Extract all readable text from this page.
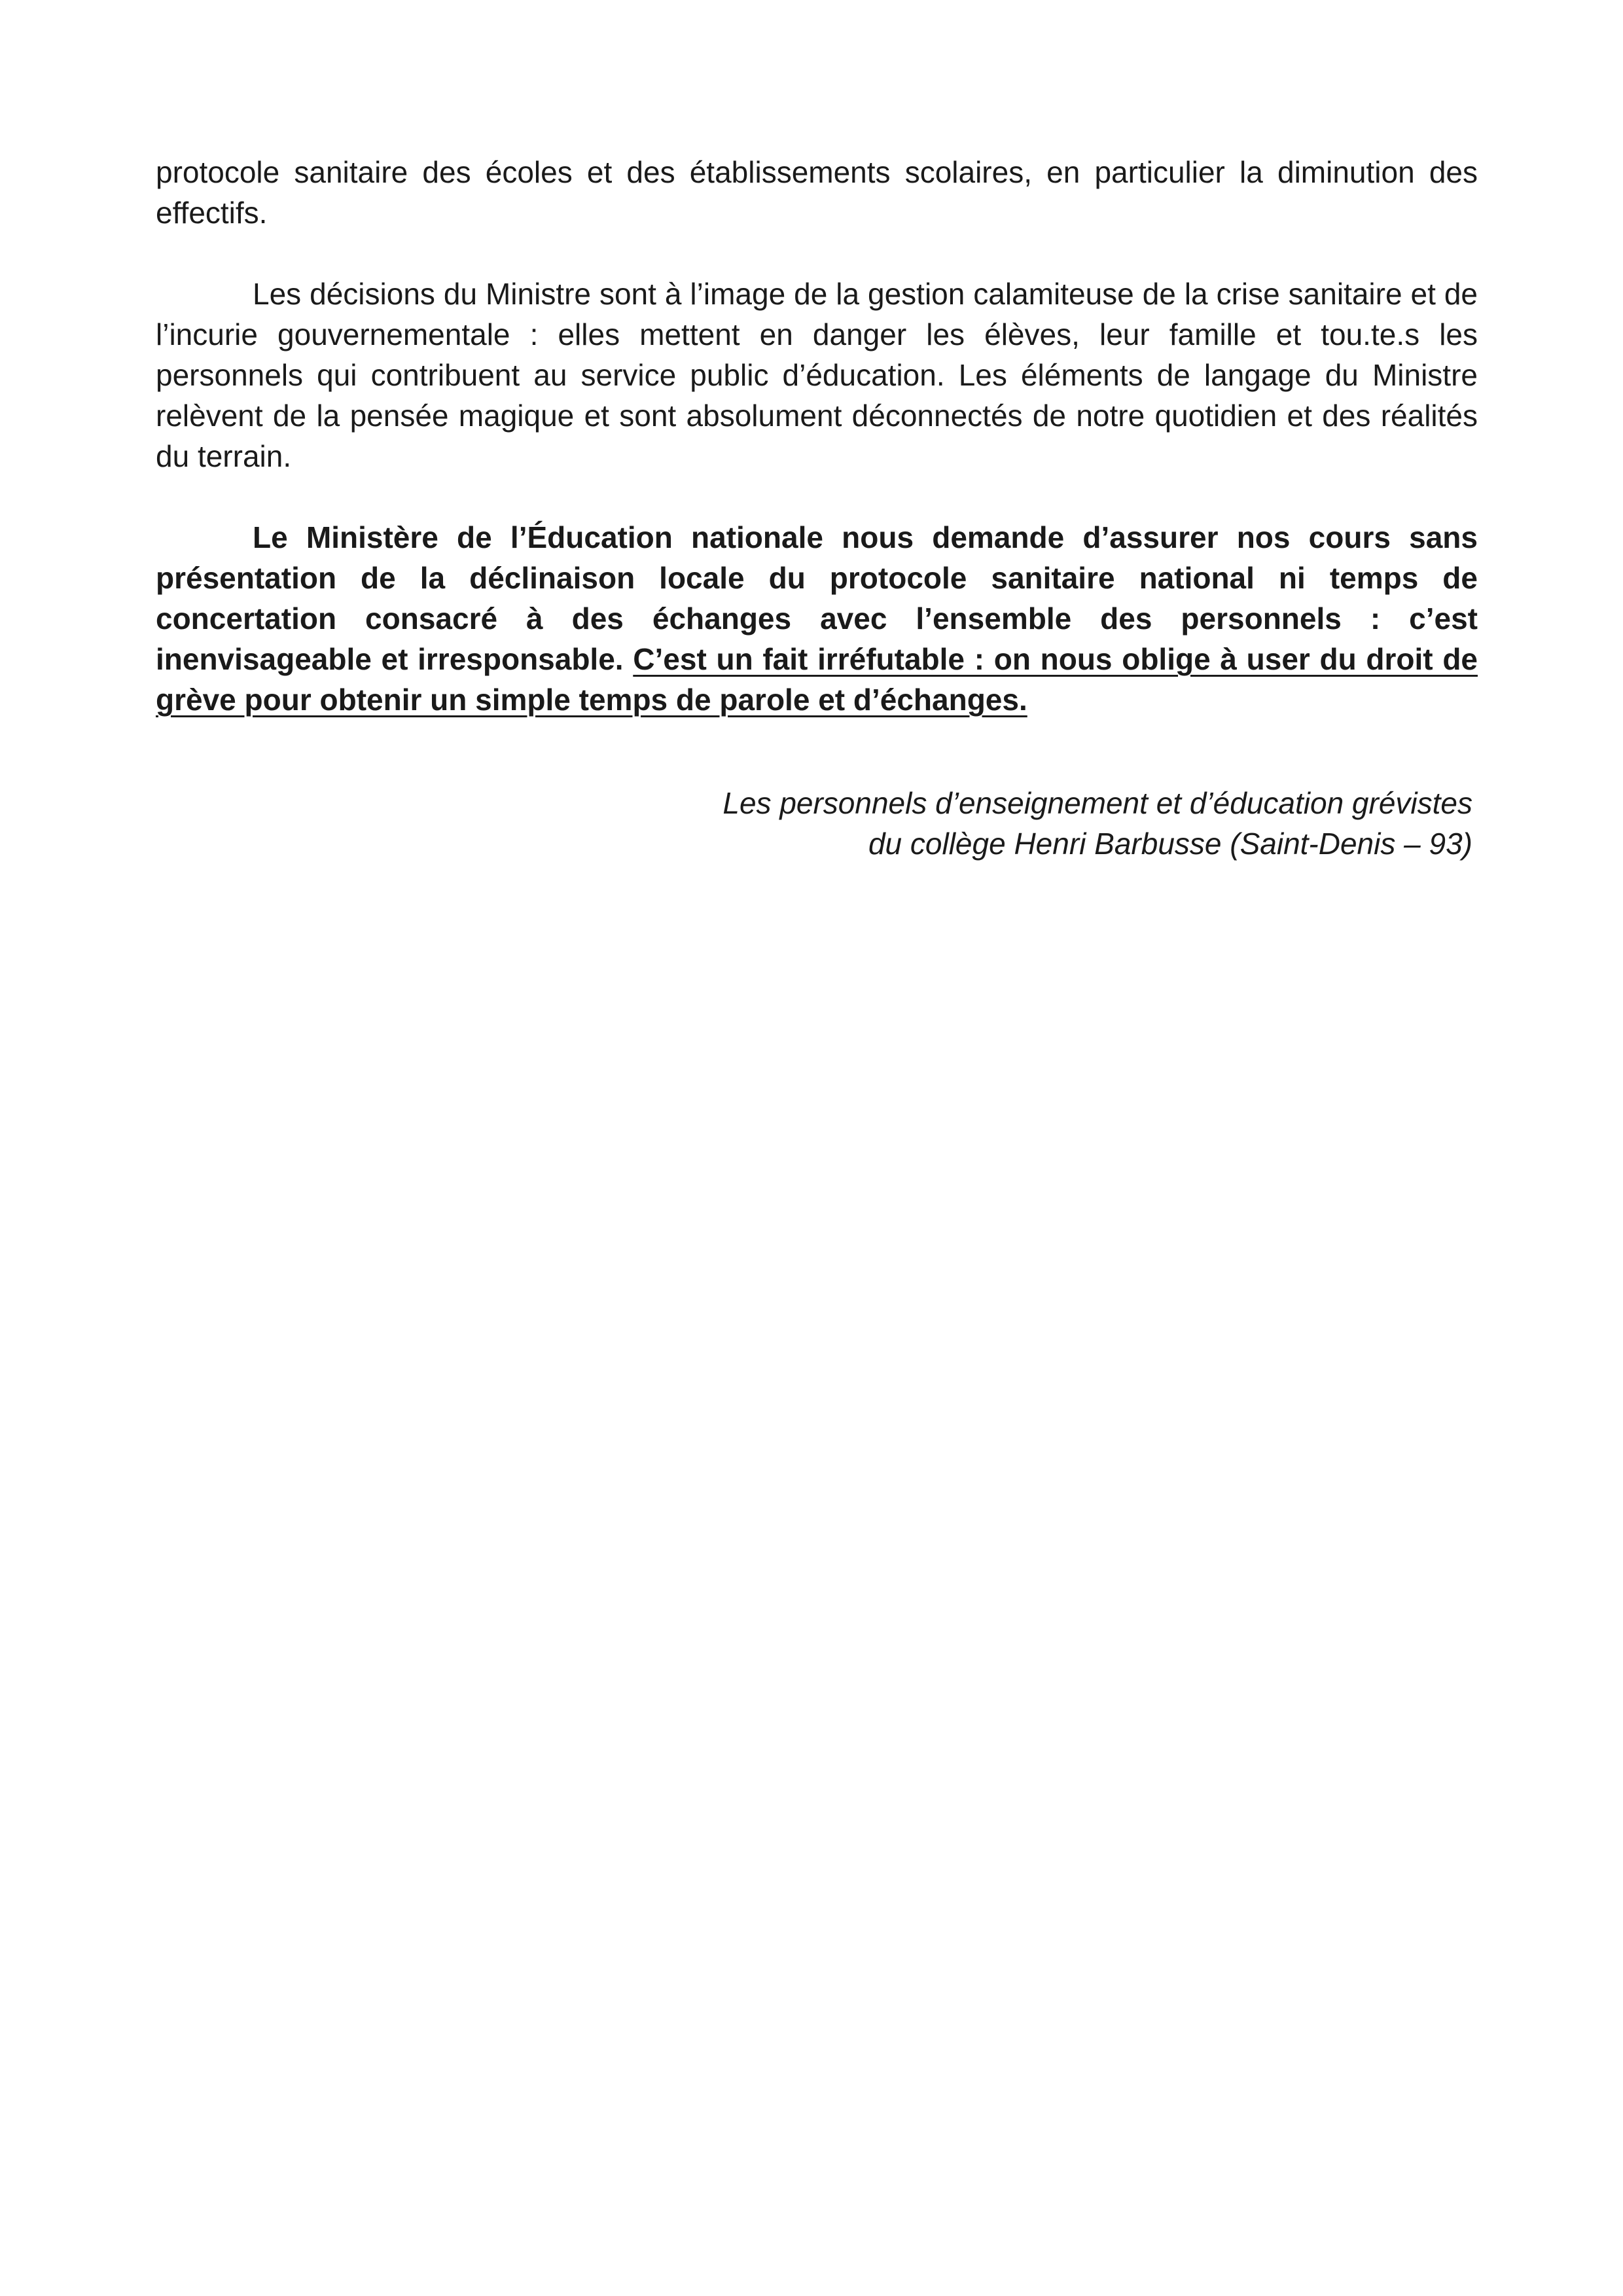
protocole sanitaire des écoles et des établissements scolaires, en particulier la diminution des effectifs.

Les décisions du Ministre sont à l’image de la gestion calamiteuse de la crise sanitaire et de l’incurie gouvernementale : elles mettent en danger les élèves, leur famille et tou.te.s les personnels qui contribuent au service public d’éducation. Les éléments de langage du Ministre relèvent de la pensée magique et sont absolument déconnectés de notre quotidien et des réalités du terrain.

Le Ministère de l’Éducation nationale nous demande d’assurer nos cours sans présentation de la déclinaison locale du protocole sanitaire national ni temps de concertation consacré à des échanges avec l’ensemble des personnels : c’est inenvisageable et irresponsable. C’est un fait irréfutable : on nous oblige à user du droit de grève pour obtenir un simple temps de parole et d’échanges.

Les personnels d’enseignement et d’éducation grévistes
du collège Henri Barbusse (Saint-Denis – 93)
